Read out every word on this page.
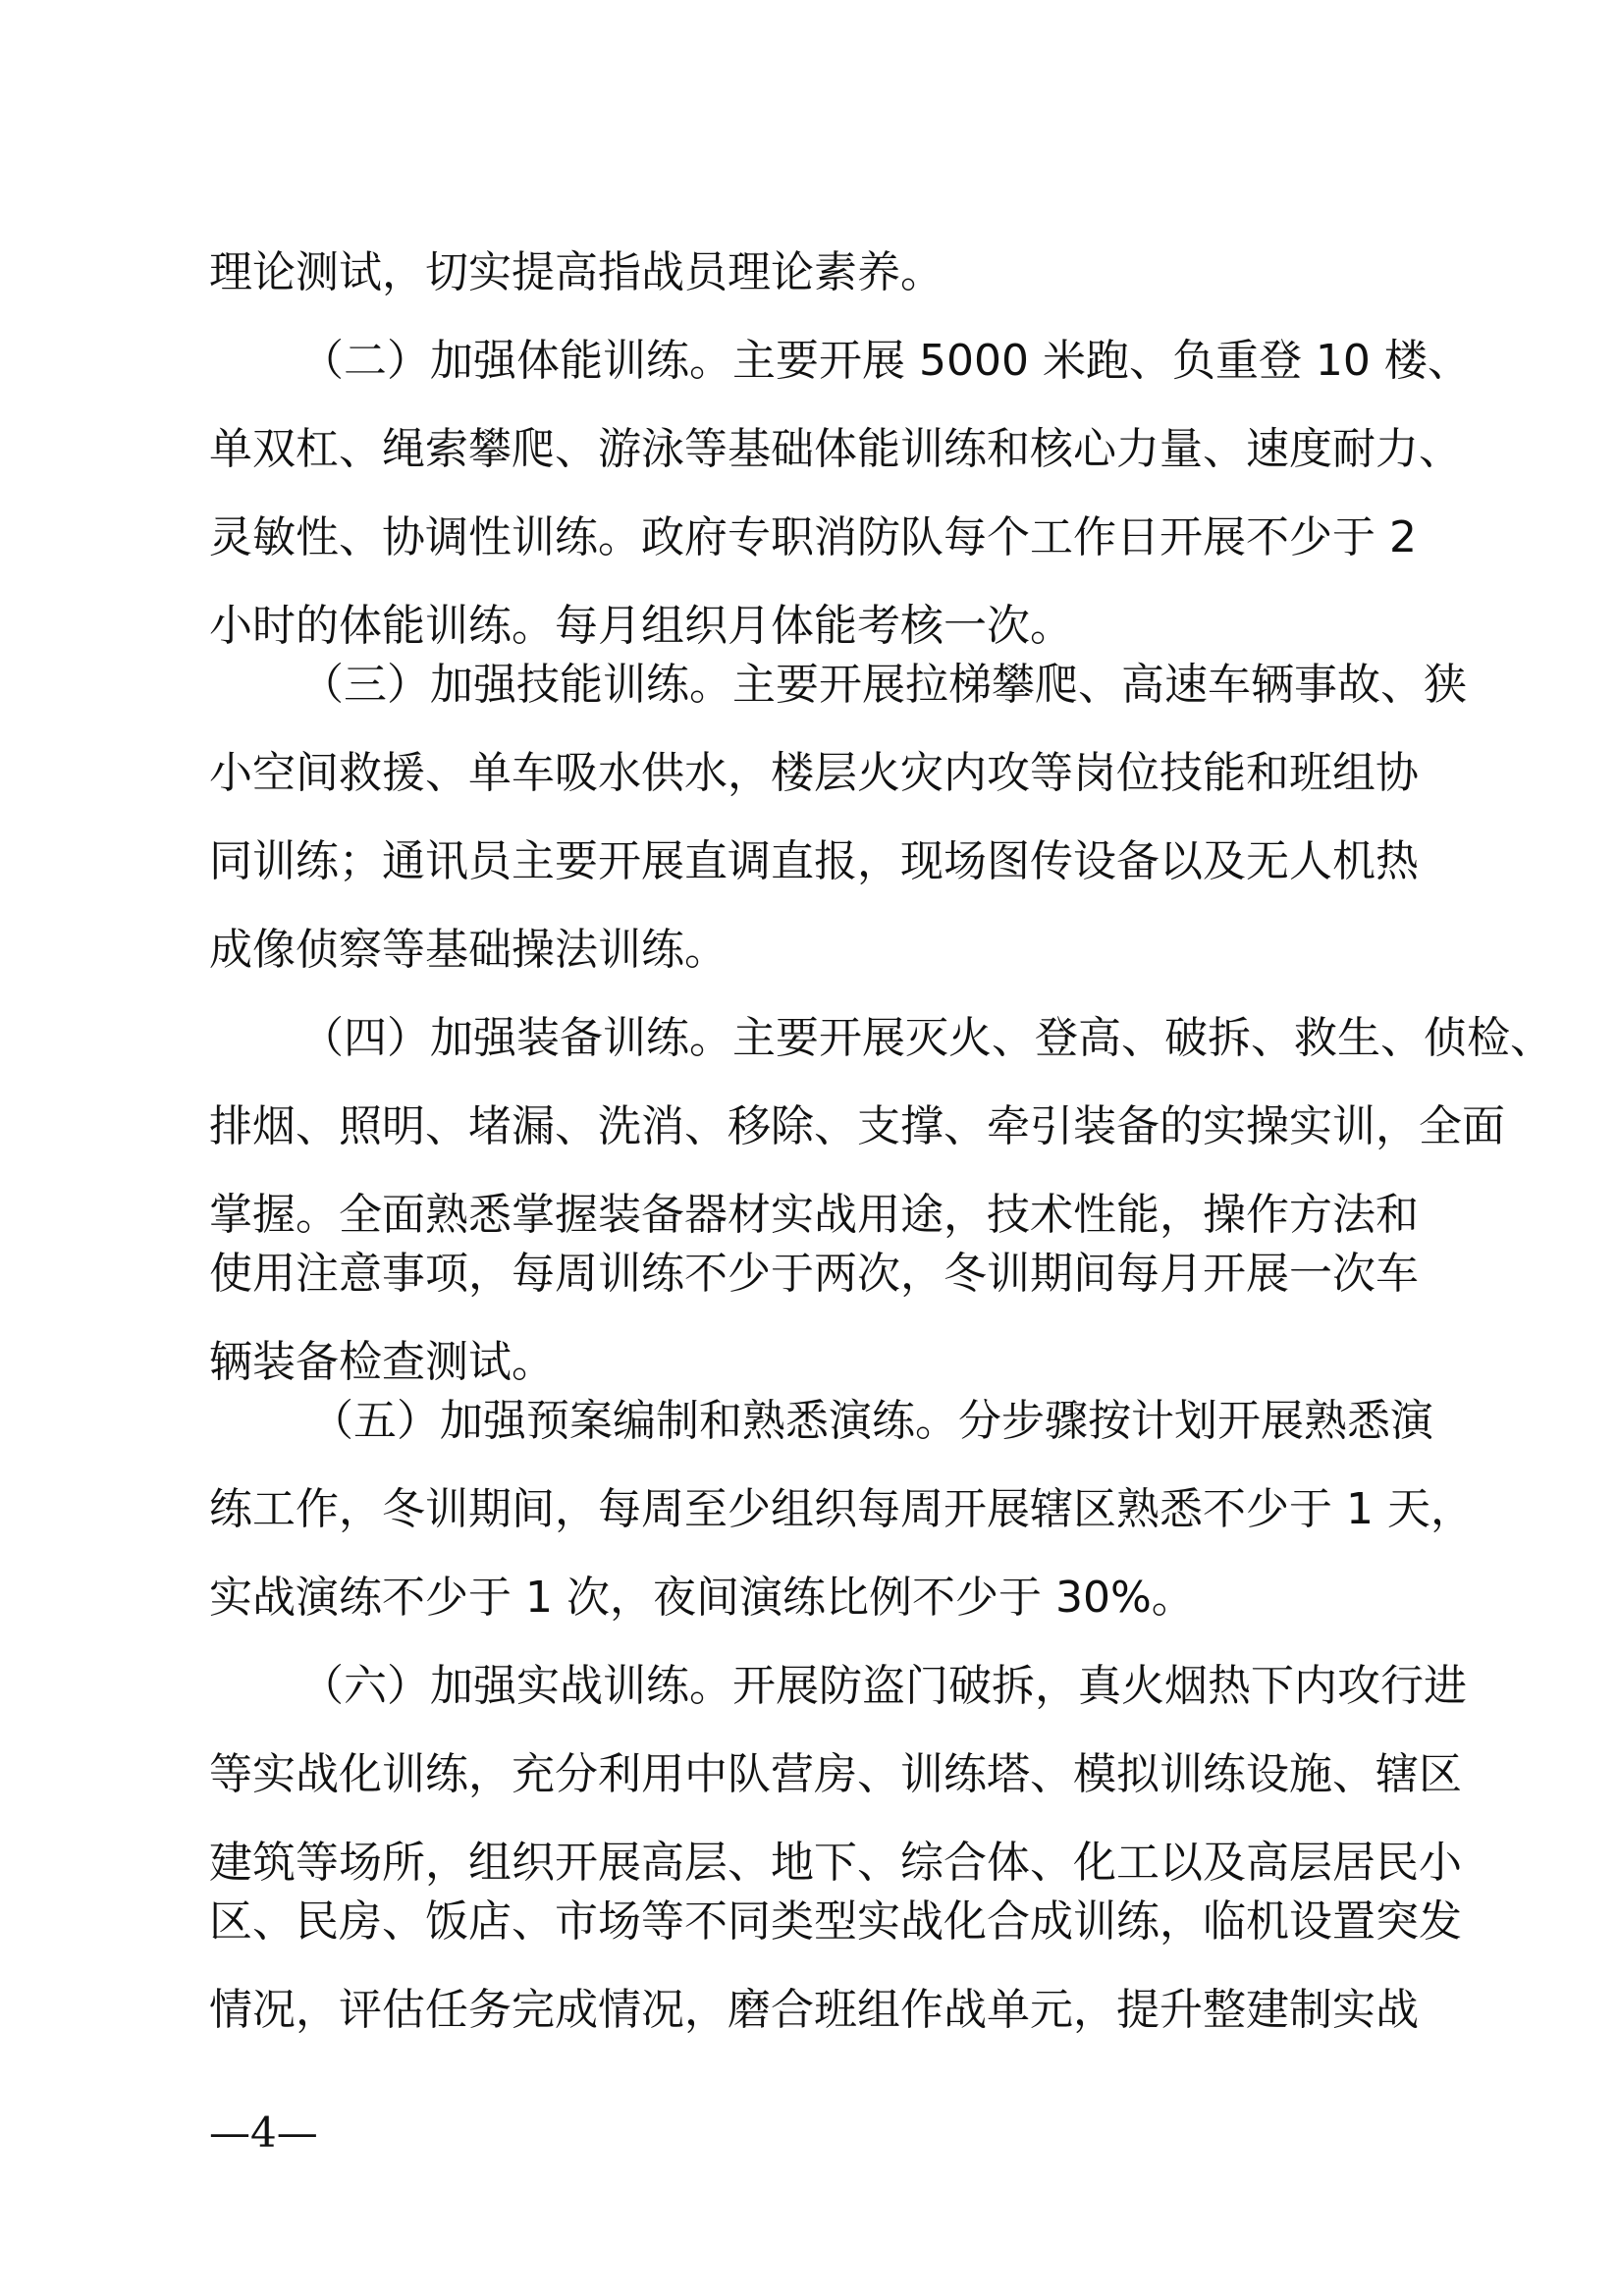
理论测试，切实提高指战员理论素养。
（二）加强体能训练。主要开展 5000 米跑、负重登 10 楼、
单双杠、绳索攀爬、游泳等基础体能训练和核心力量、速度耐力、
灵敏性、协调性训练。政府专职消防队每个工作日开展不少于 2
小时的体能训练。每月组织月体能考核一次。
（三）加强技能训练。主要开展拉梯攀爬、高速车辆事故、狭
小空间救援、单车吸水供水，楼层火灾内攻等岗位技能和班组协
同训练；通讯员主要开展直调直报，现场图传设备以及无人机热
成像侦察等基础操法训练。
（四）加强装备训练。主要开展灭火、登高、破拆、救生、侦检、
排烟、照明、堵漏、洗消、移除、支撑、牵引装备的实操实训，全面
掌握。全面熟悉掌握装备器材实战用途，技术性能，操作方法和
使用注意事项，每周训练不少于两次，冬训期间每月开展一次车
辆装备检查测试。
（五）加强预案编制和熟悉演练。分步骤按计划开展熟悉演
练工作，冬训期间，每周至少组织每周开展辖区熟悉不少于 1 天，
实战演练不少于 1 次，夜间演练比例不少于 30%。
（六）加强实战训练。开展防盗门破拆，真火烟热下内攻行进
等实战化训练，充分利用中队营房、训练塔、模拟训练设施、辖区
建筑等场所，组织开展高层、地下、综合体、化工以及高层居民小
区、民房、饭店、市场等不同类型实战化合成训练，临机设置突发
情况，评估任务完成情况，磨合班组作战单元，提升整建制实战
—4—
